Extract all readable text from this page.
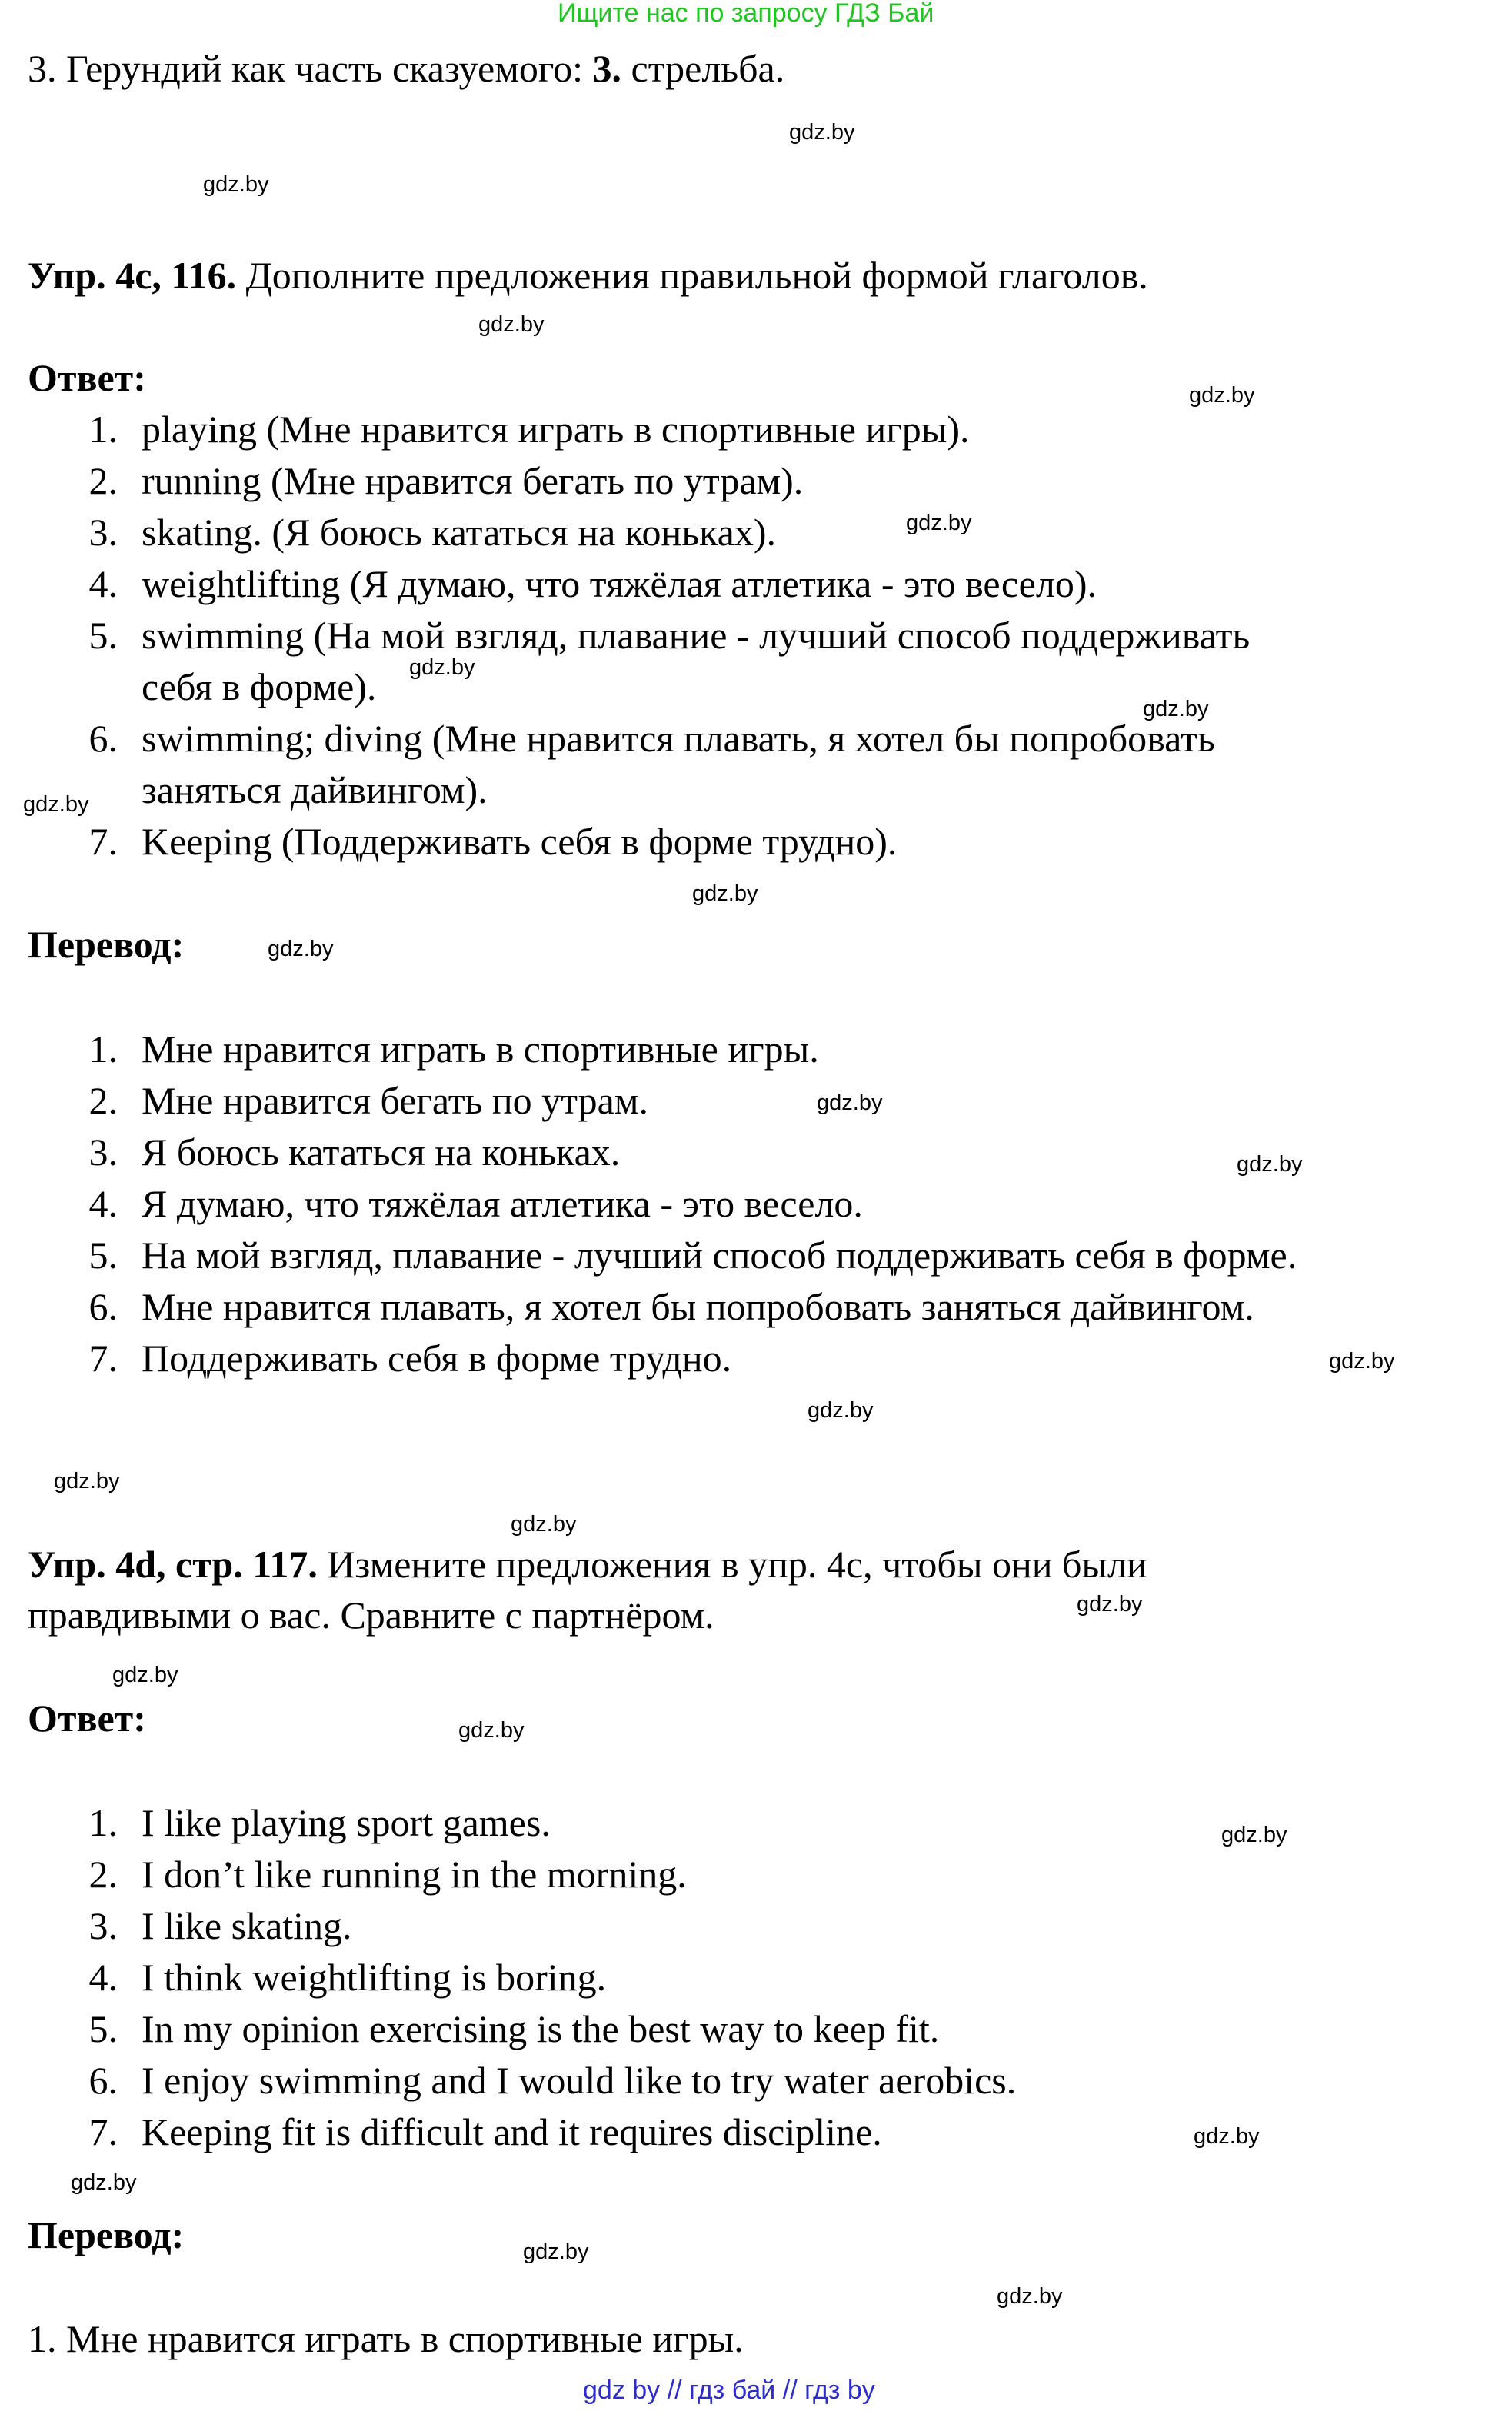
Ищите нас по запросу ГДЗ Бай
3. Герундий как часть сказуемого: 3. стрельба.
Упр. 4с, 116. Дополните предложения правильной формой глаголов.
Ответ:
1. playing (Мне нравится играть в спортивные игры).
2. running (Мне нравится бегать по утрам).
3. skating. (Я боюсь кататься на коньках).
4. weightlifting (Я думаю, что тяжёлая атлетика - это весело).
5. swimming (На мой взгляд, плавание - лучший способ поддерживать
себя в форме).
6. swimming; diving (Мне нравится плавать, я хотел бы попробовать
заняться дайвингом).
7. Keeping (Поддерживать себя в форме трудно).
Перевод:
1. Мне нравится играть в спортивные игры.
2. Мне нравится бегать по утрам.
3. Я боюсь кататься на коньках.
4. Я думаю, что тяжёлая атлетика - это весело.
5. На мой взгляд, плавание - лучший способ поддерживать себя в форме.
6. Мне нравится плавать, я хотел бы попробовать заняться дайвингом.
7. Поддерживать себя в форме трудно.
Упр. 4d, стр. 117. Измените предложения в упр. 4с, чтобы они были
правдивыми о вас. Сравните с партнёром.
Ответ:
1. I like playing sport games.
2. I don’t like running in the morning.
3. I like skating.
4. I think weightlifting is boring.
5. In my opinion exercising is the best way to keep fit.
6. I enjoy swimming and I would like to try water aerobics.
7. Keeping fit is difficult and it requires discipline.
Перевод:
1. Мне нравится играть в спортивные игры.
gdz.by
gdz.by
gdz.by
gdz.by
gdz.by
gdz.by
gdz.by
gdz.by
gdz.by
gdz.by
gdz.by
gdz.by
gdz.by
gdz.by
gdz.by
gdz.by
gdz.by
gdz.by
gdz.by
gdz.by
gdz.by
gdz.by
gdz.by
gdz.by
gdz by // гдз бай // гдз by
